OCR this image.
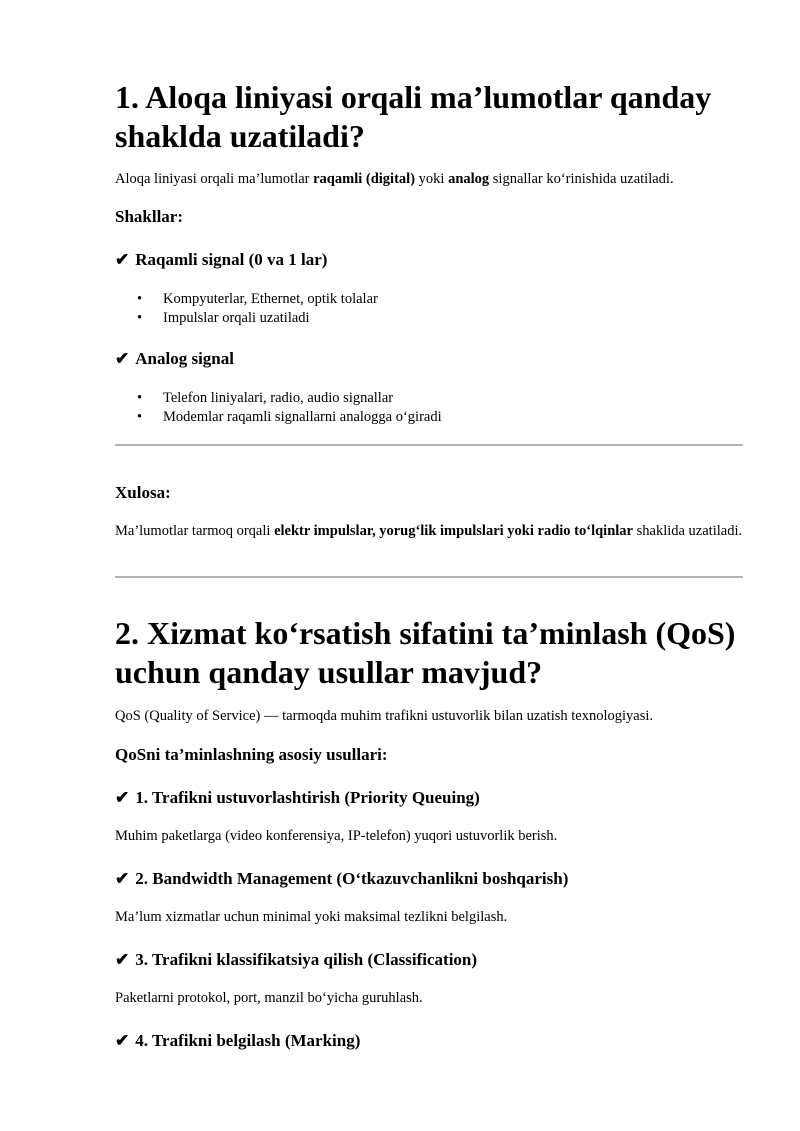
1. Aloqa liniyasi orqali ma’lumotlar qanday shaklda uzatiladi?

Aloqa liniyasi orqali ma’lumotlar raqamli (digital) yoki analog signallar ko‘rinishida uzatiladi.

Shakllar:
✔ Raqamli signal (0 va 1 lar)
• Kompyuterlar, Ethernet, optik tolalar
• Impulslar orqali uzatiladi
✔ Analog signal
• Telefon liniyalari, radio, audio signallar
• Modemlar raqamli signallarni analogga o‘giradi
Xulosa:

Ma’lumotlar tarmoq orqali elektr impulslar, yorug‘lik impulslari yoki radio to‘lqinlar shaklida uzatiladi.

2. Xizmat ko‘rsatish sifatini ta’minlash (QoS) uchun qanday usullar mavjud?

QoS (Quality of Service) — tarmoqda muhim trafikni ustuvorlik bilan uzatish texnologiyasi.

QoSni ta’minlashning asosiy usullari:
✔ 1. Trafikni ustuvorlashtirish (Priority Queuing)

Muhim paketlarga (video konferensiya, IP-telefon) yuqori ustuvorlik berish.

✔ 2. Bandwidth Management (O‘tkazuvchanlikni boshqarish)

Ma’lum xizmatlar uchun minimal yoki maksimal tezlikni belgilash.

✔ 3. Trafikni klassifikatsiya qilish (Classification)

Paketlarni protokol, port, manzil bo‘yicha guruhlash.

✔ 4. Trafikni belgilash (Marking)
